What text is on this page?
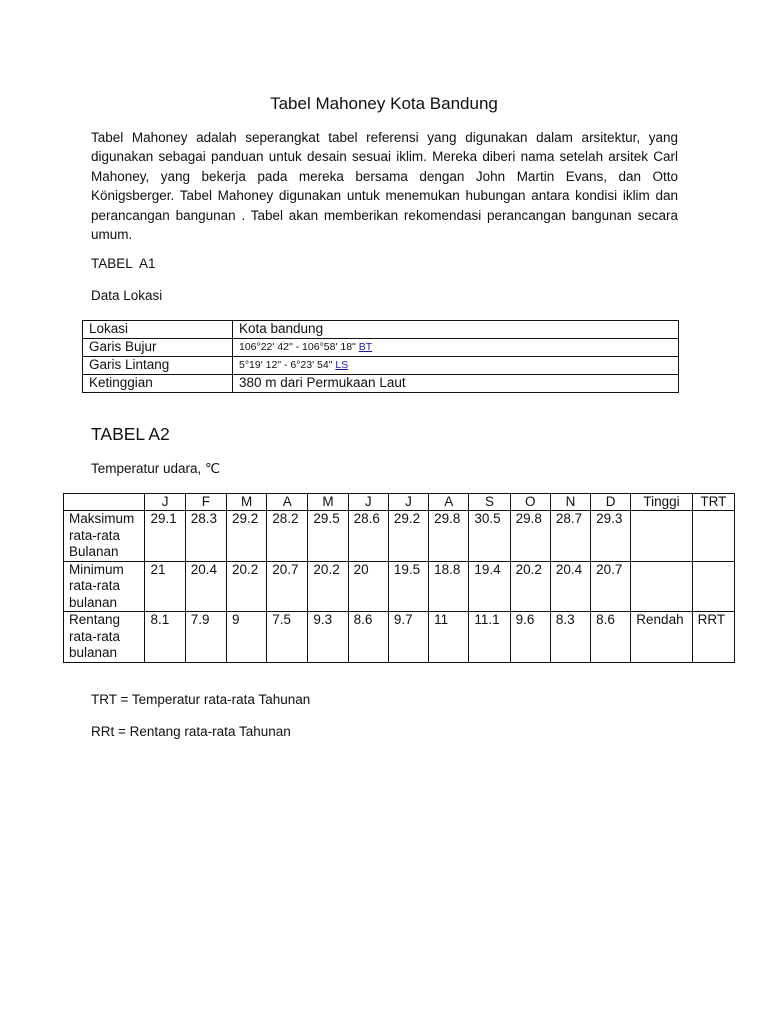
Tabel Mahoney Kota Bandung

Tabel Mahoney adalah seperangkat tabel referensi yang digunakan dalam arsitektur, yang digunakan sebagai panduan untuk desain sesuai iklim. Mereka diberi nama setelah arsitek Carl Mahoney, yang bekerja pada mereka bersama dengan John Martin Evans, dan Otto Königsberger. Tabel Mahoney digunakan untuk menemukan hubungan antara kondisi iklim dan perancangan bangunan . Tabel akan memberikan rekomendasi perancangan bangunan secara umum.

TABEL  A1
Data Lokasi
Lokasi	Kota bandung
Garis Bujur	106°22' 42" - 106°58' 18" BT
Garis Lintang	5°19' 12" - 6°23' 54" LS
Ketinggian	380 m dari Permukaan Laut
TABEL A2
Temperatur udara, ℃
	J	F	M	A	M	J	J	A	S	O	N	D	Tinggi	TRT

Maksimum
rata-rata
Bulanan	29.1	28.3	29.2	28.2	29.5	28.6	29.2	29.8	30.5	29.8	28.7	29.3		

Minimum
rata-rata
bulanan	21	20.4	20.2	20.7	20.2	20	19.5	18.8	19.4	20.2	20.4	20.7		

Rentang
rata-rata
bulanan	8.1	7.9	9	7.5	9.3	8.6	9.7	11	11.1	9.6	8.3	8.6	Rendah	RRT
TRT = Temperatur rata-rata Tahunan
RRt = Rentang rata-rata Tahunan
